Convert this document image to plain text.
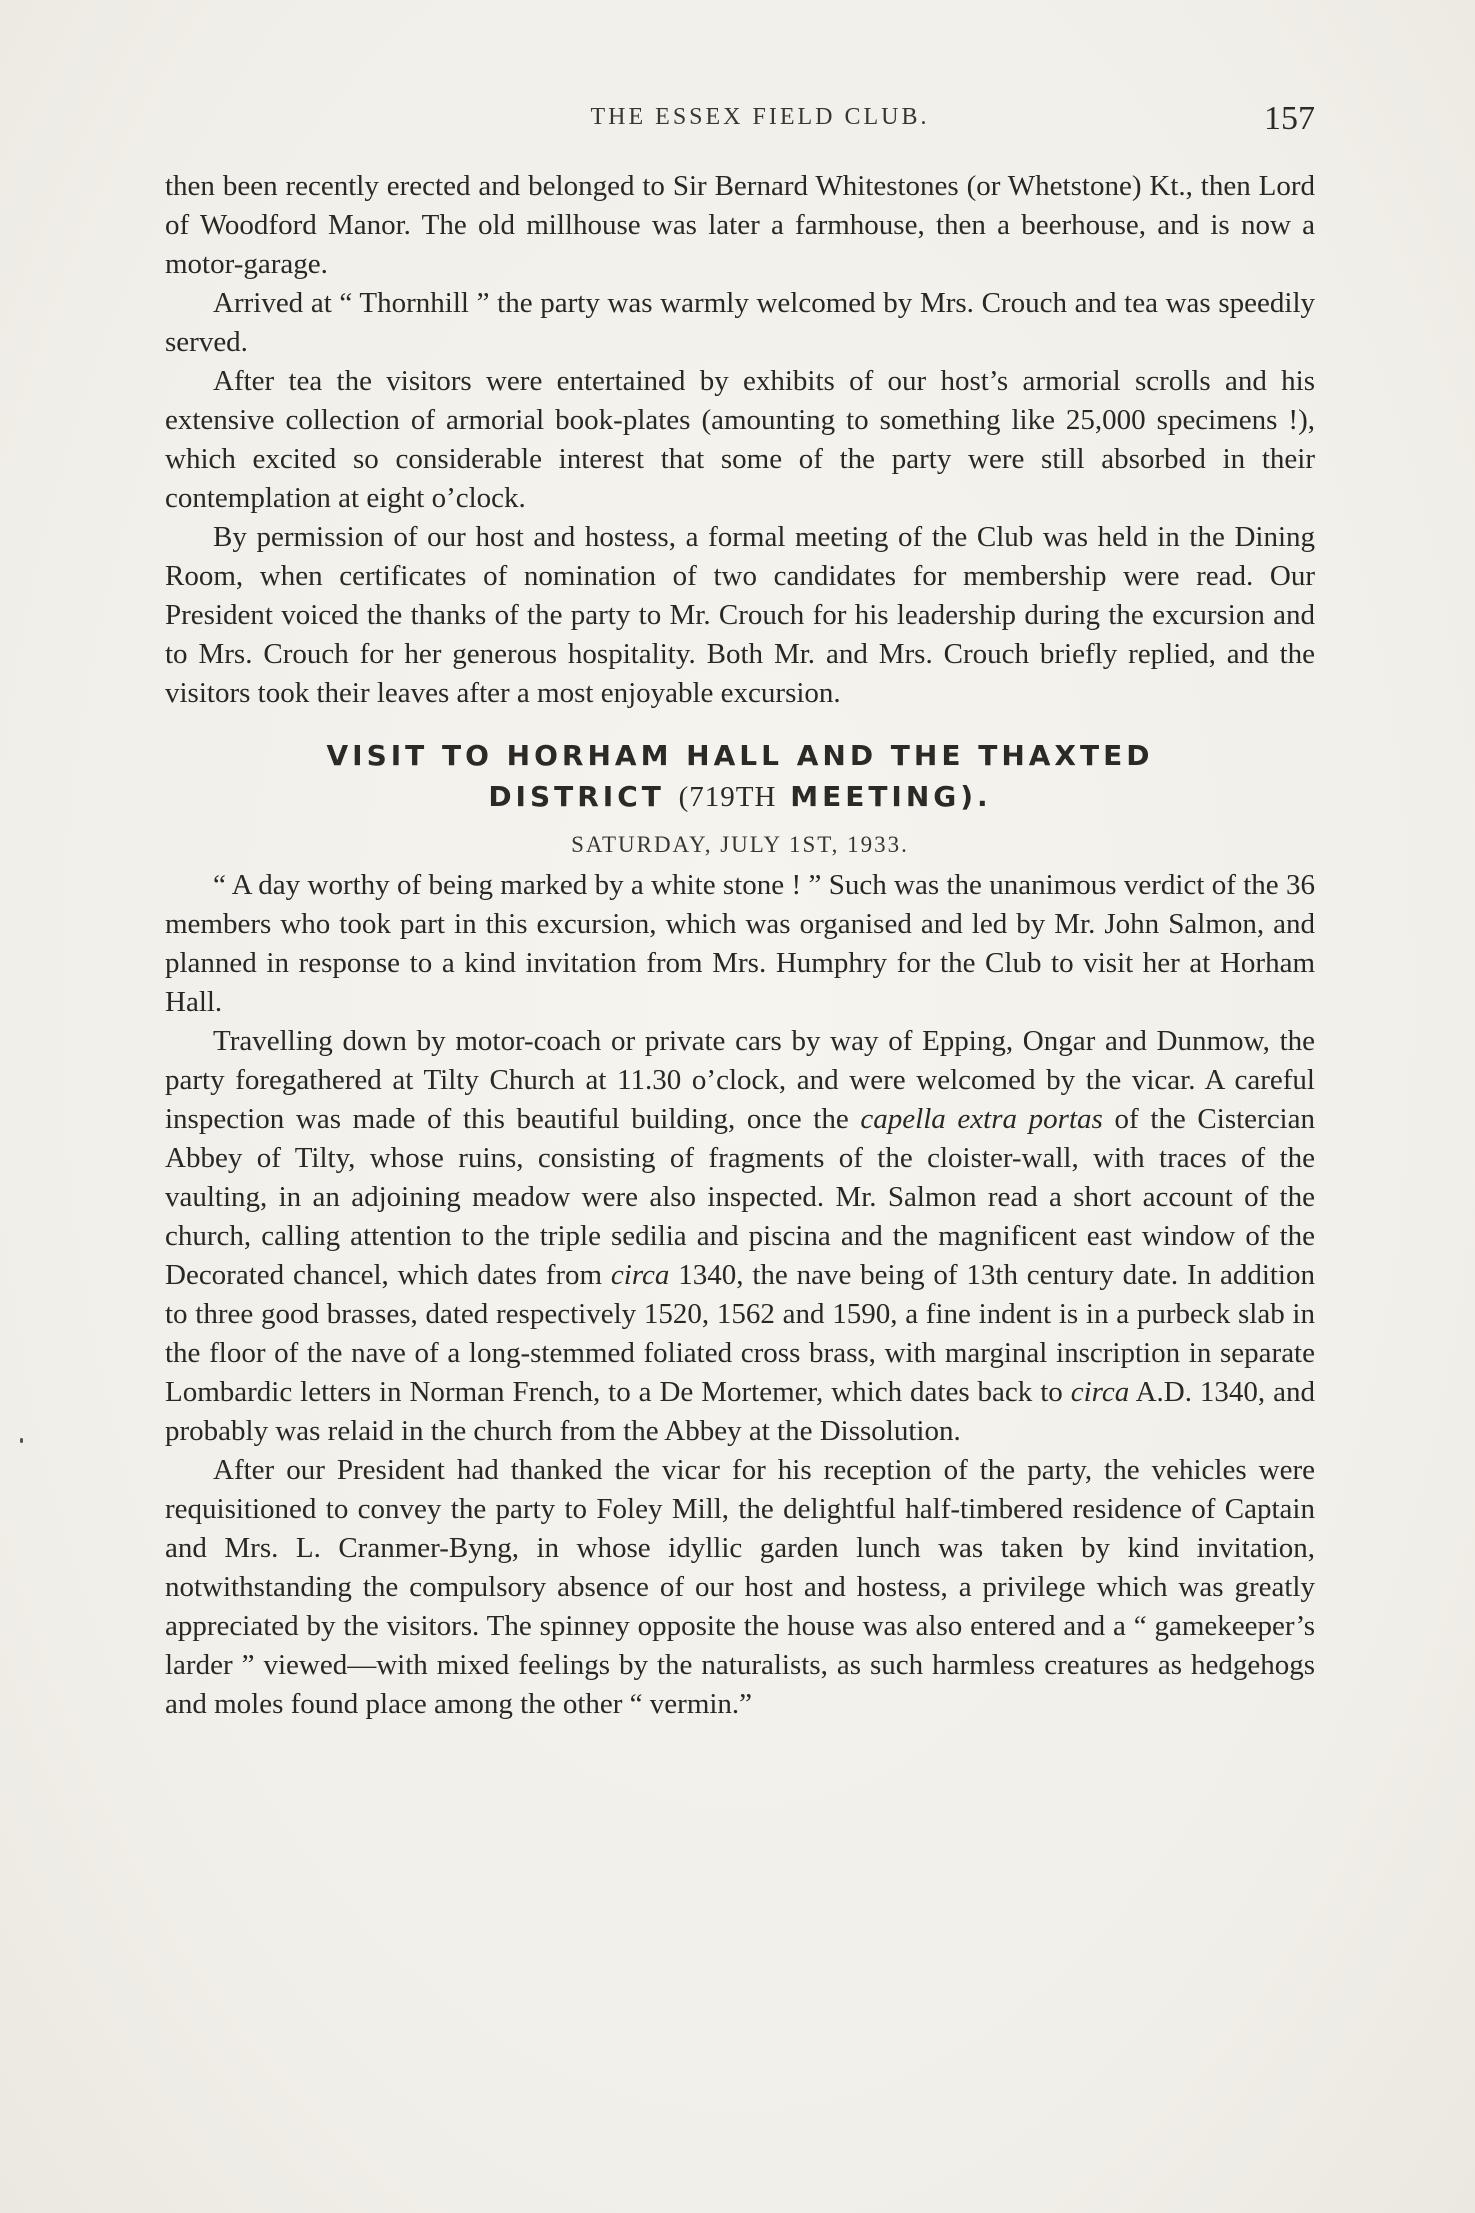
THE ESSEX FIELD CLUB.	157

then been recently erected and belonged to Sir Bernard Whitestones (or Whetstone) Kt., then Lord of Woodford Manor. The old millhouse was later a farmhouse, then a beerhouse, and is now a motor-garage.

Arrived at “ Thornhill ” the party was warmly welcomed by Mrs. Crouch and tea was speedily served.

After tea the visitors were entertained by exhibits of our host’s armorial scrolls and his extensive collection of armorial book-plates (amounting to something like 25,000 specimens !), which excited so considerable interest that some of the party were still absorbed in their contemplation at eight o’clock.

By permission of our host and hostess, a formal meeting of the Club was held in the Dining Room, when certificates of nomination of two candidates for membership were read. Our President voiced the thanks of the party to Mr. Crouch for his leadership during the excursion and to Mrs. Crouch for her generous hospitality. Both Mr. and Mrs. Crouch briefly replied, and the visitors took their leaves after a most enjoyable excursion.

VISIT TO HORHAM HALL AND THE THAXTED
DISTRICT (719TH MEETING).
SATURDAY, JULY 1ST, 1933.

“ A day worthy of being marked by a white stone ! ” Such was the unanimous verdict of the 36 members who took part in this excursion, which was organised and led by Mr. John Salmon, and planned in response to a kind invitation from Mrs. Humphry for the Club to visit her at Horham Hall.

Travelling down by motor-coach or private cars by way of Epping, Ongar and Dunmow, the party foregathered at Tilty Church at 11.30 o’clock, and were welcomed by the vicar. A careful inspection was made of this beautiful building, once the capella extra portas of the Cistercian Abbey of Tilty, whose ruins, consisting of fragments of the cloister-wall, with traces of the vaulting, in an adjoining meadow were also inspected. Mr. Salmon read a short account of the church, calling attention to the triple sedilia and piscina and the magnificent east window of the Decorated chancel, which dates from circa 1340, the nave being of 13th century date. In addition to three good brasses, dated respectively 1520, 1562 and 1590, a fine indent is in a purbeck slab in the floor of the nave of a long-stemmed foliated cross brass, with marginal inscription in separate Lombardic letters in Norman French, to a De Mortemer, which dates back to circa A.D. 1340, and probably was relaid in the church from the Abbey at the Dissolution.

After our President had thanked the vicar for his reception of the party, the vehicles were requisitioned to convey the party to Foley Mill, the delightful half-timbered residence of Captain and Mrs. L. Cranmer-Byng, in whose idyllic garden lunch was taken by kind invitation, notwithstanding the compulsory absence of our host and hostess, a privilege which was greatly appreciated by the visitors. The spinney opposite the house was also entered and a “ gamekeeper’s larder ” viewed—with mixed feelings by the naturalists, as such harmless creatures as hedgehogs and moles found place among the other “ vermin.”
